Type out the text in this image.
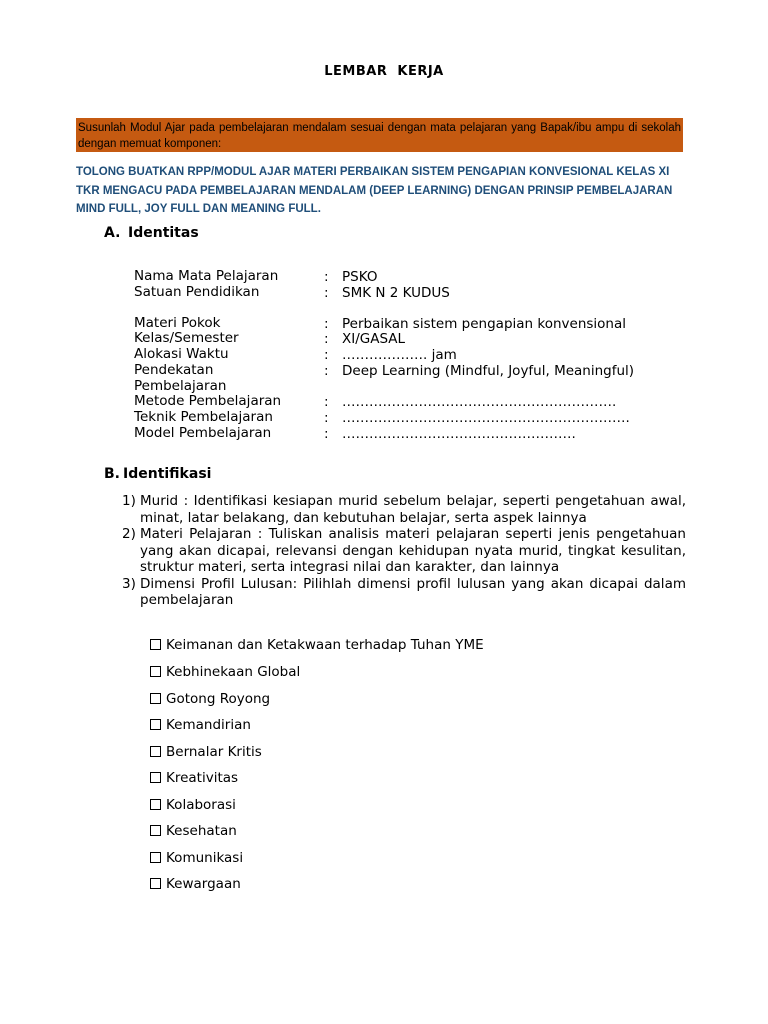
LEMBAR KERJA
Susunlah Modul Ajar pada pembelajaran mendalam sesuai dengan mata pelajaran yang Bapak/ibu ampu di sekolah dengan memuat komponen:
TOLONG BUATKAN RPP/MODUL AJAR MATERI PERBAIKAN SISTEM PENGAPIAN KONVESIONAL KELAS XI TKR MENGACU PADA PEMBELAJARAN MENDALAM (DEEP LEARNING) DENGAN PRINSIP PEMBELAJARAN MIND FULL, JOY FULL DAN MEANING FULL.
A. Identitas
Nama Mata Pelajaran	: PSKO
Satuan Pendidikan	: SMK N 2 KUDUS
Materi Pokok	: Perbaikan sistem pengapian konvensional
Kelas/Semester	: XI/GASAL
Alokasi Waktu	: ………………. jam
Pendekatan Pembelajaran
: Deep Learning (Mindful, Joyful, Meaningful)
Metode Pembelajaran	: …………………………………………………….
Teknik Pembelajaran	: ……………………………………………………….
Model Pembelajaran	: …………………………………………….
B. Identifikasi
1) Murid : Identifikasi kesiapan murid sebelum belajar, seperti pengetahuan awal, minat, latar belakang, dan kebutuhan belajar, serta aspek lainnya
2) Materi Pelajaran : Tuliskan analisis materi pelajaran seperti jenis pengetahuan yang akan dicapai, relevansi dengan kehidupan nyata murid, tingkat kesulitan, struktur materi, serta integrasi nilai dan karakter, dan lainnya
3) Dimensi Profil Lulusan: Pilihlah dimensi profil lulusan yang akan dicapai dalam pembelajaran
Keimanan dan Ketakwaan terhadap Tuhan YME
Kebhinekaan Global
Gotong Royong
Kemandirian
Bernalar Kritis
Kreativitas
Kolaborasi
Kesehatan
Komunikasi
Kewargaan
